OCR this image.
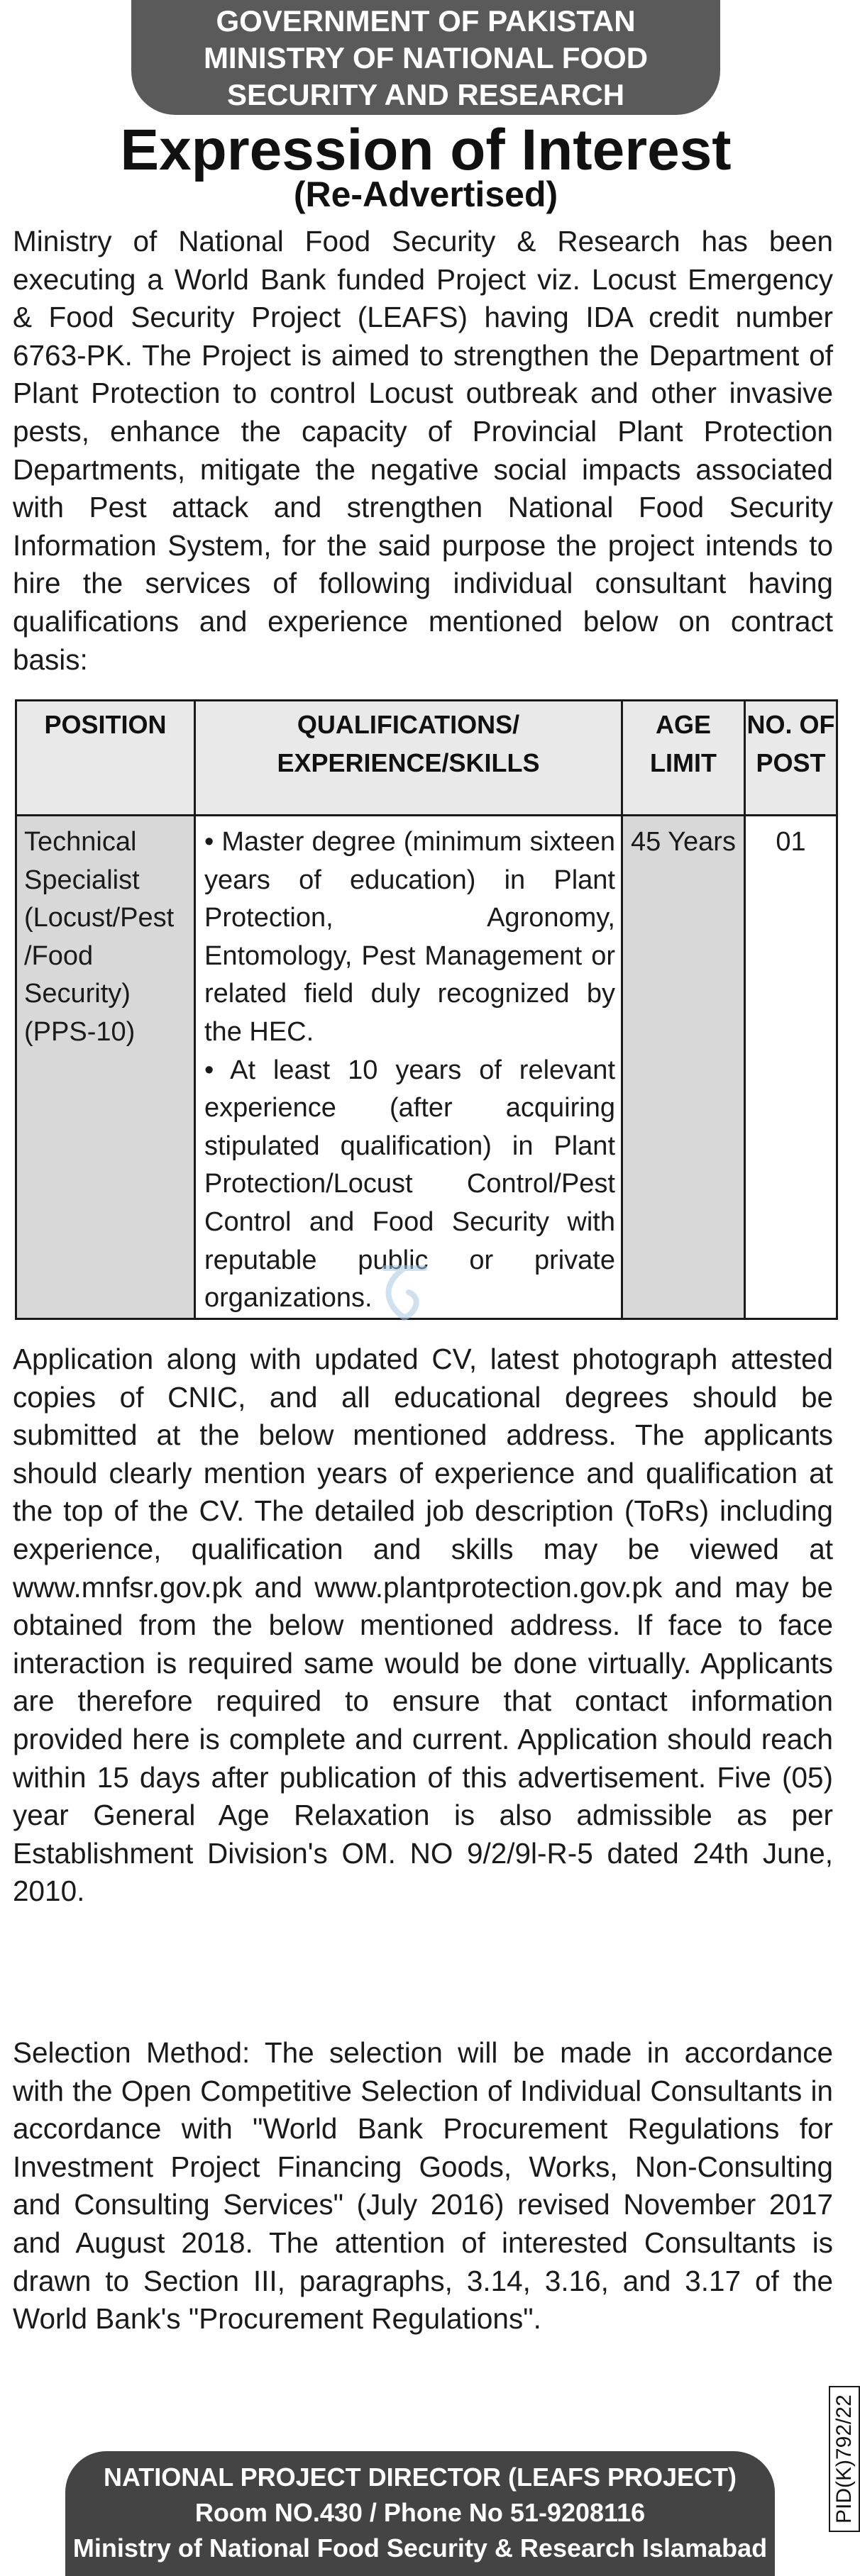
GOVERNMENT OF PAKISTAN
MINISTRY OF NATIONAL FOOD
SECURITY AND RESEARCH
Expression of Interest
(Re-Advertised)

Ministry of National Food Security & Research has been executing a World Bank funded Project viz. Locust Emergency & Food Security Project (LEAFS) having IDA credit number 6763-PK. The Project is aimed to strengthen the Department of Plant Protection to control Locust outbreak and other invasive pests, enhance the capacity of Provincial Plant Protection Departments, mitigate the negative social impacts associated with Pest attack and strengthen National Food Security Information System, for the said purpose the project intends to hire the services of following individual consultant having qualifications and experience mentioned below on contract basis:

POSITION	QUALIFICATIONS/ EXPERIENCE/SKILLS	AGE LIMIT	NO. OF POST
Technical Specialist (Locust/Pest /Food Security) (PPS-10)	• Master degree (minimum sixteen years of education) in Plant Protection, Agronomy, Entomology, Pest Management or related field duly recognized by the HEC.

• At least 10 years of relevant experience (after acquiring stipulated qualification) in Plant Protection/Locust Control/Pest Control and Food Security with reputable public or private organizations.	45 Years	01

Application along with updated CV, latest photograph attested copies of CNIC, and all educational degrees should be submitted at the below mentioned address. The applicants should clearly mention years of experience and qualification at the top of the CV. The detailed job description (ToRs) including experience, qualification and skills may be viewed at www.mnfsr.gov.pk and www.plantprotection.gov.pk and may be obtained from the below mentioned address. If face to face interaction is required same would be done virtually. Applicants are therefore required to ensure that contact information provided here is complete and current. Application should reach within 15 days after publication of this advertisement. Five (05) year General Age Relaxation is also admissible as per Establishment Division's OM. NO 9/2/9l-R-5 dated 24th June, 2010.

Selection Method: The selection will be made in accordance with the Open Competitive Selection of Individual Consultants in accordance with "World Bank Procurement Regulations for Investment Project Financing Goods, Works, Non-Consulting and Consulting Services" (July 2016) revised November 2017 and August 2018. The attention of interested Consultants is drawn to Section III, paragraphs, 3.14, 3.16, and 3.17 of the World Bank's "Procurement Regulations".

NATIONAL PROJECT DIRECTOR (LEAFS PROJECT)
Room NO.430 / Phone No 51-9208116
Ministry of National Food Security & Research Islamabad
PID(K)792/22
